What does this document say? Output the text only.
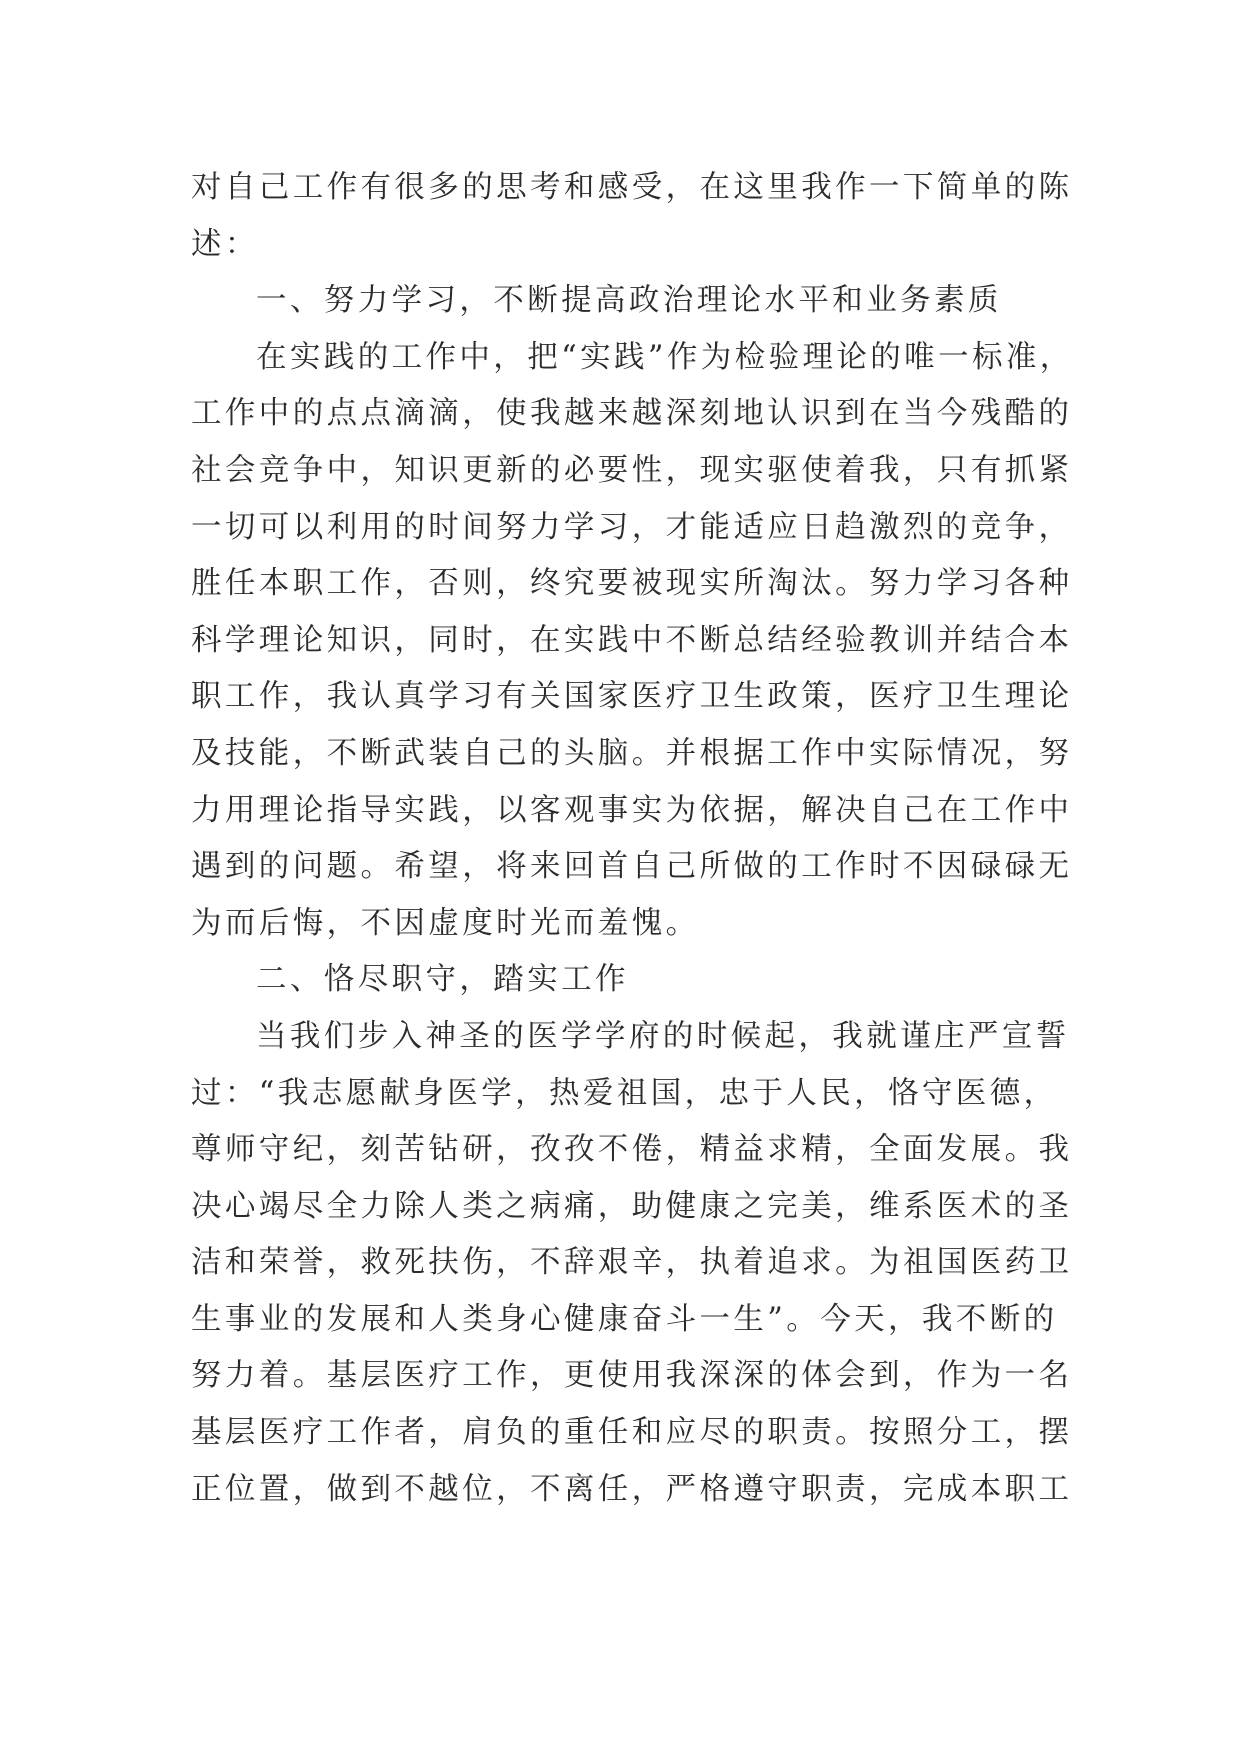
对自己工作有很多的思考和感受，在这里我作一下简单的陈
述：
一、努力学习，不断提高政治理论水平和业务素质
在实践的工作中，把“实践”作为检验理论的唯一标准，
工作中的点点滴滴，使我越来越深刻地认识到在当今残酷的
社会竞争中，知识更新的必要性，现实驱使着我，只有抓紧
一切可以利用的时间努力学习，才能适应日趋激烈的竞争，
胜任本职工作，否则，终究要被现实所淘汰。努力学习各种
科学理论知识，同时，在实践中不断总结经验教训并结合本
职工作，我认真学习有关国家医疗卫生政策，医疗卫生理论
及技能，不断武装自己的头脑。并根据工作中实际情况，努
力用理论指导实践，以客观事实为依据，解决自己在工作中
遇到的问题。希望，将来回首自己所做的工作时不因碌碌无
为而后悔，不因虚度时光而羞愧。
二、恪尽职守，踏实工作
当我们步入神圣的医学学府的时候起，我就谨庄严宣誓
过：“我志愿献身医学，热爱祖国，忠于人民，恪守医德，
尊师守纪，刻苦钻研，孜孜不倦，精益求精，全面发展。我
决心竭尽全力除人类之病痛，助健康之完美，维系医术的圣
洁和荣誉，救死扶伤，不辞艰辛，执着追求。为祖国医药卫
生事业的发展和人类身心健康奋斗一生”。今天，我不断的
努力着。基层医疗工作，更使用我深深的体会到，作为一名
基层医疗工作者，肩负的重任和应尽的职责。按照分工，摆
正位置，做到不越位，不离任，严格遵守职责，完成本职工
